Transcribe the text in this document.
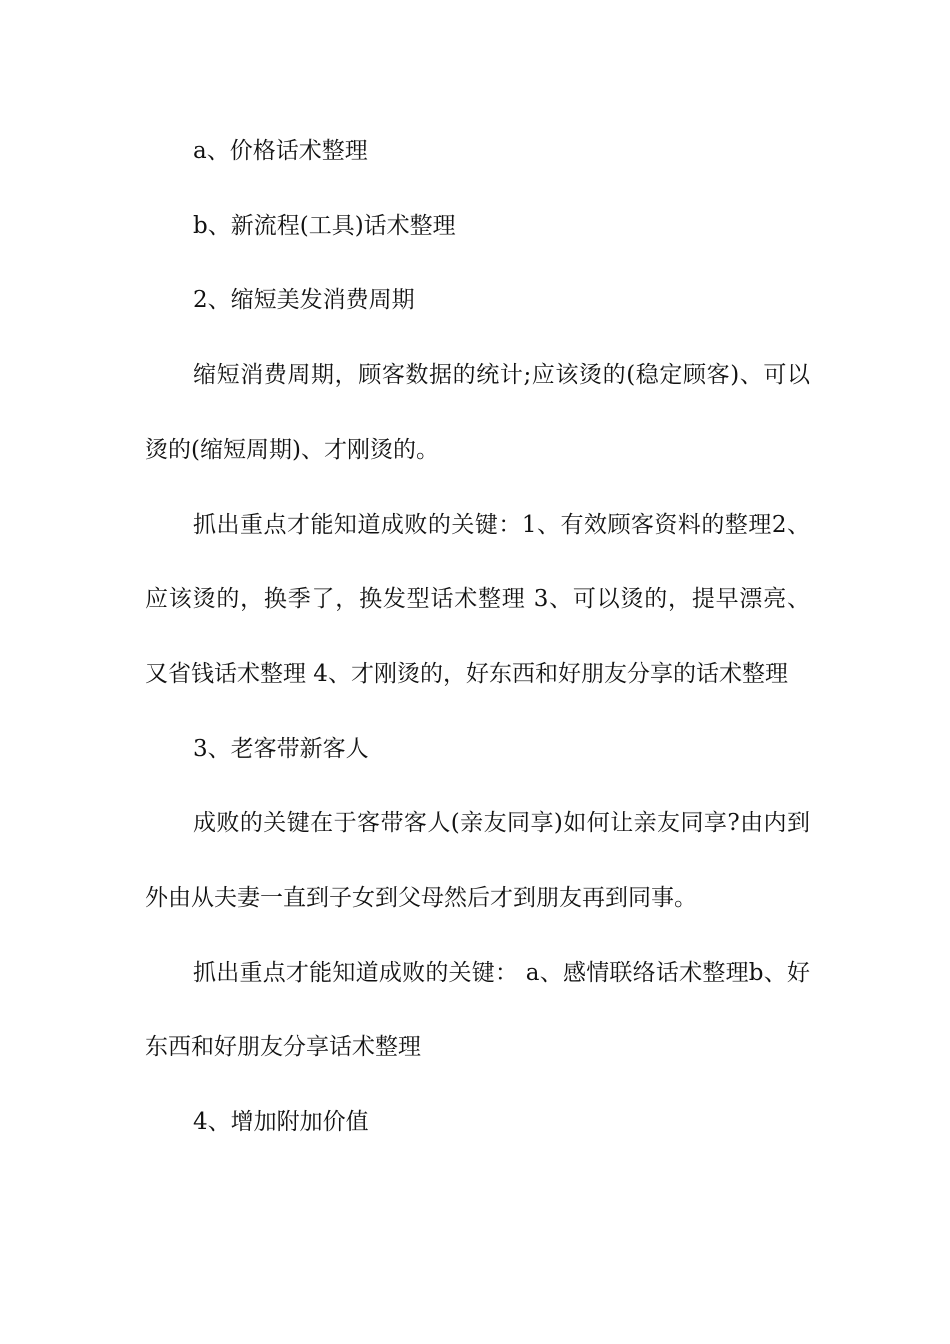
a、价格话术整理

b、新流程(工具)话术整理

2、缩短美发消费周期

缩短消费周期，顾客数据的统计;应该烫的(稳定顾客)、可以烫的(缩短周期)、才刚烫的。

抓出重点才能知道成败的关键：1、有效顾客资料的整理2、应该烫的，换季了，换发型话术整理 3、可以烫的，提早漂亮、又省钱话术整理 4、才刚烫的，好东西和好朋友分享的话术整理

3、老客带新客人

成败的关键在于客带客人(亲友同享)如何让亲友同享?由内到外由从夫妻一直到子女到父母然后才到朋友再到同事。

抓出重点才能知道成败的关键： a、感情联络话术整理b、好东西和好朋友分享话术整理

4、增加附加价值
